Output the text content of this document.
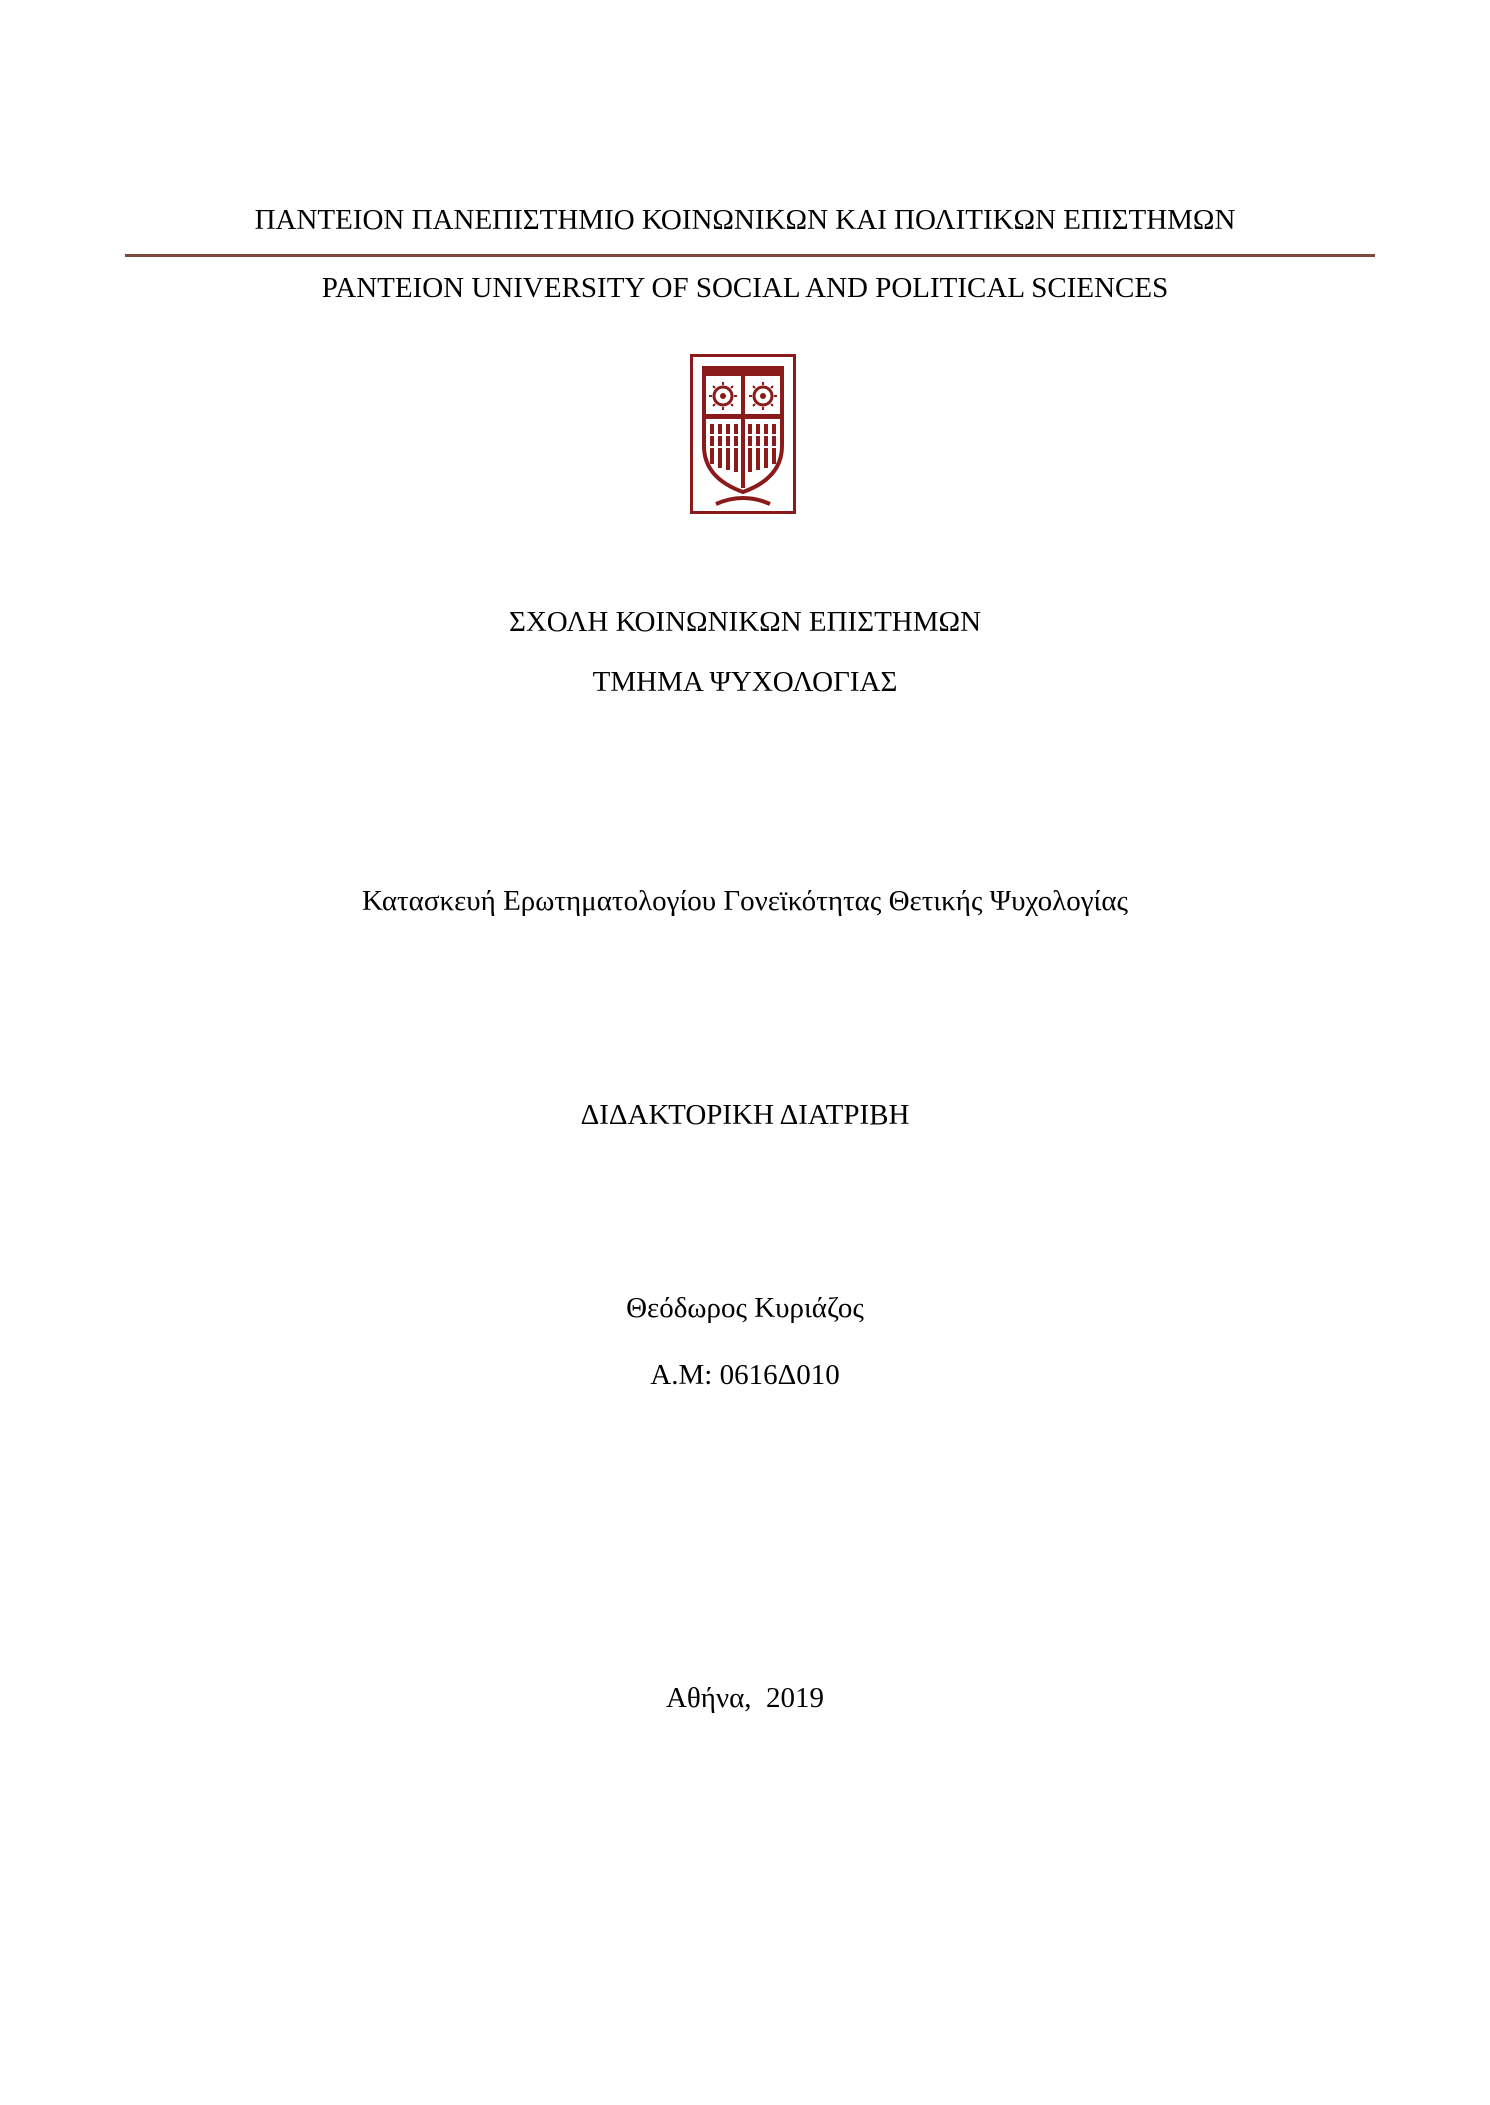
ΠΑΝΤΕΙΟΝ ΠΑΝΕΠΙΣΤΗΜΙΟ ΚΟΙΝΩΝΙΚΩΝ ΚΑΙ ΠΟΛΙΤΙΚΩΝ ΕΠΙΣΤΗΜΩΝ
PANTEION UNIVERSITY OF SOCIAL AND POLITICAL SCIENCES
ΣΧΟΛΗ ΚΟΙΝΩΝΙΚΩΝ ΕΠΙΣΤΗΜΩΝ
ΤΜΗΜΑ ΨΥΧΟΛΟΓΙΑΣ
Κατασκευή Ερωτηματολογίου Γονεϊκότητας Θετικής Ψυχολογίας
ΔΙΔΑΚΤΟΡΙΚΗ ΔΙΑΤΡΙΒΗ
Θεόδωρος Κυριάζος
Α.Μ: 0616Δ010
Αθήνα,  2019
